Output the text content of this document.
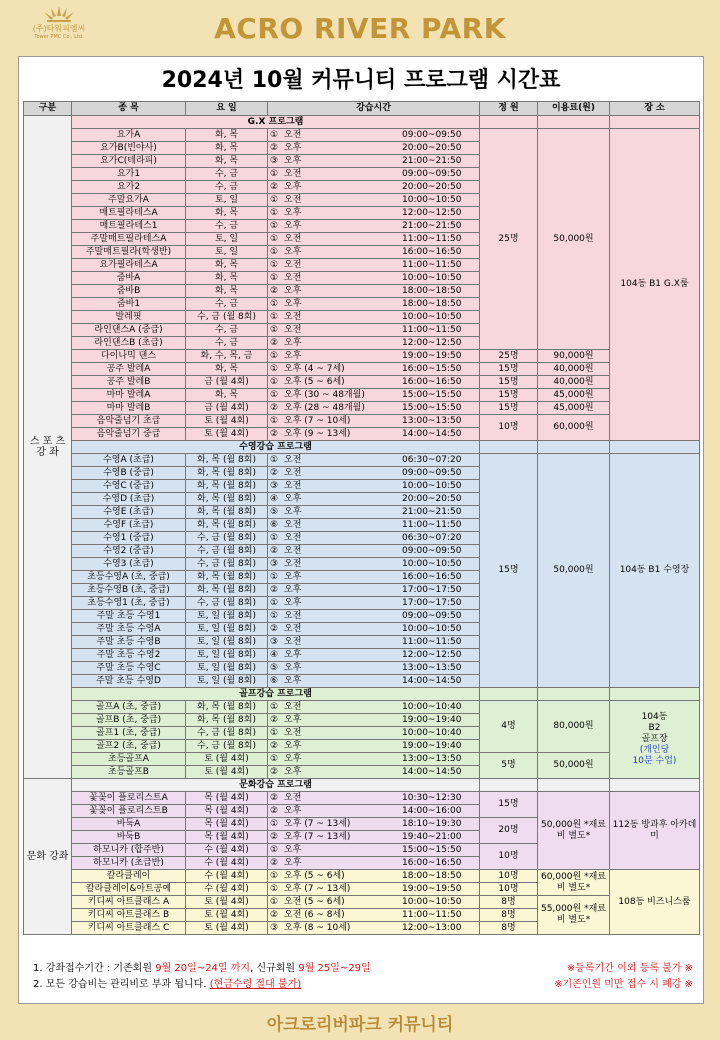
(주)타워피엠씨
Tower PMC Co., Ltd.	ACRO RIVER PARK
2024년 10월 커뮤니티 프로그램 시간표
구분	종 목	요 일	강습시간	정 원	이용료(원)	장 소
스 포 츠 강 좌	G.X 프로그램					
	요가A	화, 목	① 오전 09:00~09:50	25명	50,000원	104동 B1 G.X룸
	요가B(빈야사)	화, 목	② 오후 20:00~20:50			
	요가C(테라피)	화, 목	③ 오후 21:00~21:50			
	요가1	수, 금	① 오전 09:00~09:50			
	요가2	수, 금	② 오후 20:00~20:50			
	주말요가A	토, 일	① 오전 10:00~10:50			
	매트필라테스A	화, 목	① 오후 12:00~12:50			
	매트필라테스1	수, 금	① 오후 21:00~21:50			
	주말매트필라테스A	토, 일	① 오전 11:00~11:50			
	주말매트필라(학생반)	토, 일	① 오후 16:00~16:50			
	요가필라테스A	화, 목	① 오전 11:00~11:50			
	줌바A	화, 목	① 오전 10:00~10:50			
	줌바B	화, 목	② 오후 18:00~18:50			
	줌바1	수, 금	① 오후 18:00~18:50			
	발레핏	수, 금 (월 8회)	① 오전 10:00~10:50			
	라인댄스A (중급)	수, 금	① 오전 11:00~11:50			
	라인댄스B (초급)	수, 금	② 오후 12:00~12:50			
	다이나믹 댄스	화, 수, 목, 금	① 오후 19:00~19:50	25명	90,000원	
	공주 발레A	화, 목	① 오후 (4 ~ 7세) 16:00~15:50	15명	40,000원	
	공주 발레B	금 (월 4회)	① 오후 (5 ~ 6세) 16:00~16:50	15명	40,000원	
	마마 발레A	화, 목	① 오후 (30 ~ 48개월) 15:00~15:50	15명	45,000원	
	마마 발레B	금 (월 4회)	② 오후 (28 ~ 48개월) 15:00~15:50	15명	45,000원	
	음악줄넘기 초급	토 (월 4회)	① 오후 (7 ~ 10세) 13:00~13:50	10명	60,000원	
	음악줄넘기 중급	토 (월 4회)	② 오후 (9 ~ 13세) 14:00~14:50			
	수영강습 프로그램					
	수영A (초급)	화, 목 (월 8회)	① 오전 06:30~07:20	15명	50,000원	104동 B1 수영장
	수영B (중급)	화, 목 (월 8회)	② 오전 09:00~09:50			
	수영C (중급)	화, 목 (월 8회)	③ 오전 10:00~10:50			
	수영D (초급)	화, 목 (월 8회)	④ 오후 20:00~20:50			
	수영E (초급)	화, 목 (월 8회)	⑤ 오후 21:00~21:50			
	수영F (초급)	화, 목 (월 8회)	⑥ 오전 11:00~11:50			
	수영1 (중급)	수, 금 (월 8회)	① 오전 06:30~07:20			
	수영2 (중급)	수, 금 (월 8회)	② 오전 09:00~09:50			
	수영3 (초급)	수, 금 (월 8회)	③ 오전 10:00~10:50			
	초등수영A (초, 중급)	화, 목 (월 8회)	① 오후 16:00~16:50			
	초등수영B (초, 중급)	화, 목 (월 8회)	② 오후 17:00~17:50			
	초등수영1 (초, 중급)	수, 금 (월 8회)	① 오후 17:00~17:50			
	주말 초등 수영1	토, 일 (월 8회)	① 오전 09:00~09:50			
	주말 초등 수영A	토, 일 (월 8회)	② 오전 10:00~10:50			
	주말 초등 수영B	토, 일 (월 8회)	③ 오전 11:00~11:50			
	주말 초등 수영2	토, 일 (월 8회)	④ 오후 12:00~12:50			
	주말 초등 수영C	토, 일 (월 8회)	⑤ 오후 13:00~13:50			
	주말 초등 수영D	토, 일 (월 8회)	⑥ 오후 14:00~14:50			
	골프강습 프로그램					
	골프A (초, 중급)	화, 목 (월 8회)	① 오전 10:00~10:40	4명	80,000원	104동
B2
골프장
(개인당
10분 수업)

	골프B (초, 중급)	화, 목 (월 8회)	② 오후 19:00~19:40			
	골프1 (초, 중급)	수, 금 (월 8회)	① 오전 10:00~10:40			
	골프2 (초, 중급)	수, 금 (월 8회)	② 오후 19:00~19:40			
	초등골프A	토 (월 4회)	① 오후 13:00~13:50	5명	50,000원	
	초등골프B	토 (월 4회)	② 오후 14:00~14:50			
문화 강좌	문화강습 프로그램					
	꽃꽂이 플로리스트A	목 (월 4회)	② 오전 10:30~12:30	15명	50,000원 *재료비 별도*	112동 방과후 아카데미
	꽃꽂이 플로리스트B	목 (월 4회)	② 오후 14:00~16:00			
	바둑A	목 (월 4회)	① 오후 (7 ~ 13세) 18:10~19:30	20명		
	바둑B	목 (월 4회)	② 오후 (7 ~ 13세) 19:40~21:00			
	하모니카 (합주반)	수 (월 4회)	① 오후 15:00~15:50	10명		
	하모니카 (초급반)	수 (월 4회)	② 오후 16:00~16:50			
	칼라클레이	수 (월 4회)	① 오후 (5 ~ 6세) 18:00~18:50	10명	60,000원 *재료비 별도*	108동 비즈니스룸
	칼라클레이&아트공예	수 (월 4회)	① 오후 (7 ~ 13세) 19:00~19:50	10명		
	키디씨 아트클래스 A	토 (월 4회)	① 오전 (5 ~ 6세) 10:00~10:50	8명	55,000원 *재료비 별도*	
	키디씨 아트클래스 B	토 (월 4회)	② 오전 (6 ~ 8세) 11:00~11:50	8명		
	키디씨 아트클래스 C	토 (월 4회)	③ 오후 (8 ~ 10세) 12:00~13:00	8명		
1. 강좌접수기간 : 기존회원 9월 20일~24일 까지, 신규회원 9월 25일~29일	※등록기간 이외 등록 불가 ※
2. 모든 강습비는 관리비로 부과 됩니다. (현금수령 절대 불가)	※기존인원 미만 접수 시 폐강 ※
아크로리버파크 커뮤니티
